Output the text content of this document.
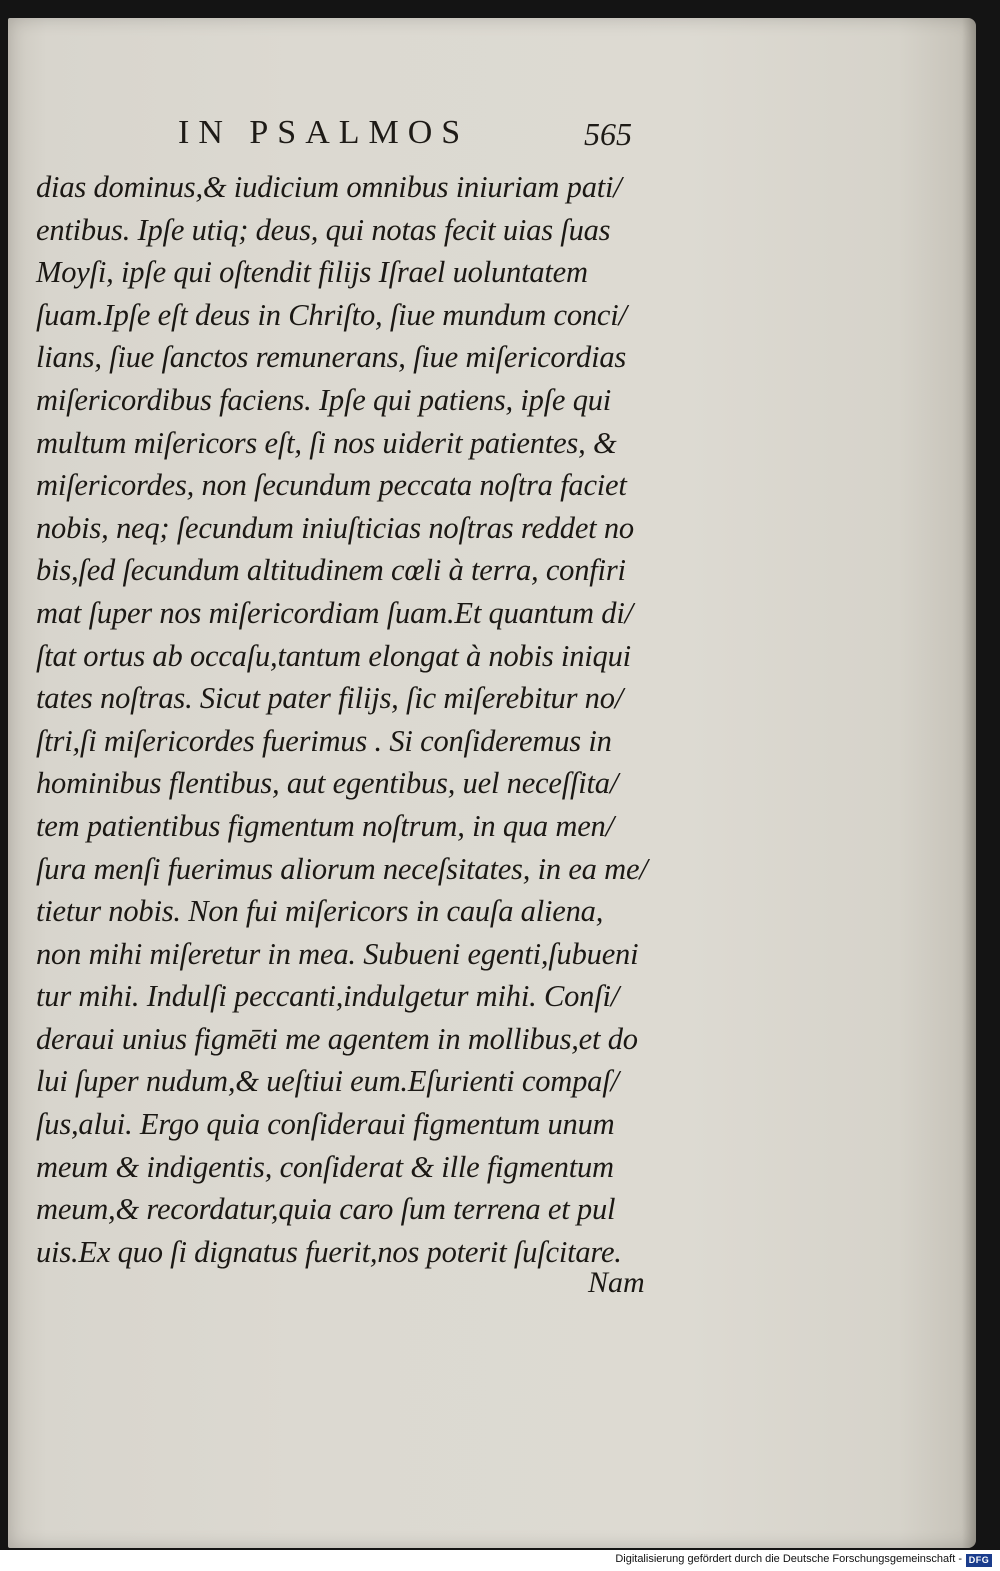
IN PSALMOS	565
dias dominus,& iudicium omnibus iniuriam pati/
entibus. Ipſe utiq; deus, qui notas fecit uias ſuas
Moyſi, ipſe qui oſtendit filijs Iſrael uoluntatem
ſuam.Ipſe eſt deus in Chriſto, ſiue mundum conci/
lians, ſiue ſanctos remunerans, ſiue miſericordias
miſericordibus faciens. Ipſe qui patiens, ipſe qui
multum miſericors eſt, ſi nos uiderit patientes, &
miſericordes, non ſecundum peccata noſtra faciet
nobis, neq; ſecundum iniuſticias noſtras reddet no
bis,ſed ſecundum altitudinem cœli à terra, confiri
mat ſuper nos miſericordiam ſuam.Et quantum di/
ſtat ortus ab occaſu,tantum elongat à nobis iniqui
tates noſtras. Sicut pater filijs, ſic miſerebitur no/
ſtri,ſi miſericordes fuerimus . Si conſideremus in
hominibus flentibus, aut egentibus, uel neceſſita/
tem patientibus figmentum noſtrum, in qua men/
ſura menſi fuerimus aliorum neceſsitates, in ea me/
tietur nobis. Non fui miſericors in cauſa aliena,
non mihi miſeretur in mea. Subueni egenti,ſubueni
tur mihi. Indulſi peccanti,indulgetur mihi. Conſi/
deraui unius figmēti me agentem in mollibus,et do
lui ſuper nudum,& ueſtiui eum.Eſurienti compaſ/
ſus,alui. Ergo quia conſideraui figmentum unum
meum & indigentis, conſiderat & ille figmentum
meum,& recordatur,quia caro ſum terrena et pul
uis.Ex quo ſi dignatus fuerit,nos poterit ſuſcitare.
Nam
Digitalisierung gefördert durch die Deutsche Forschungsgemeinschaft - DFG
